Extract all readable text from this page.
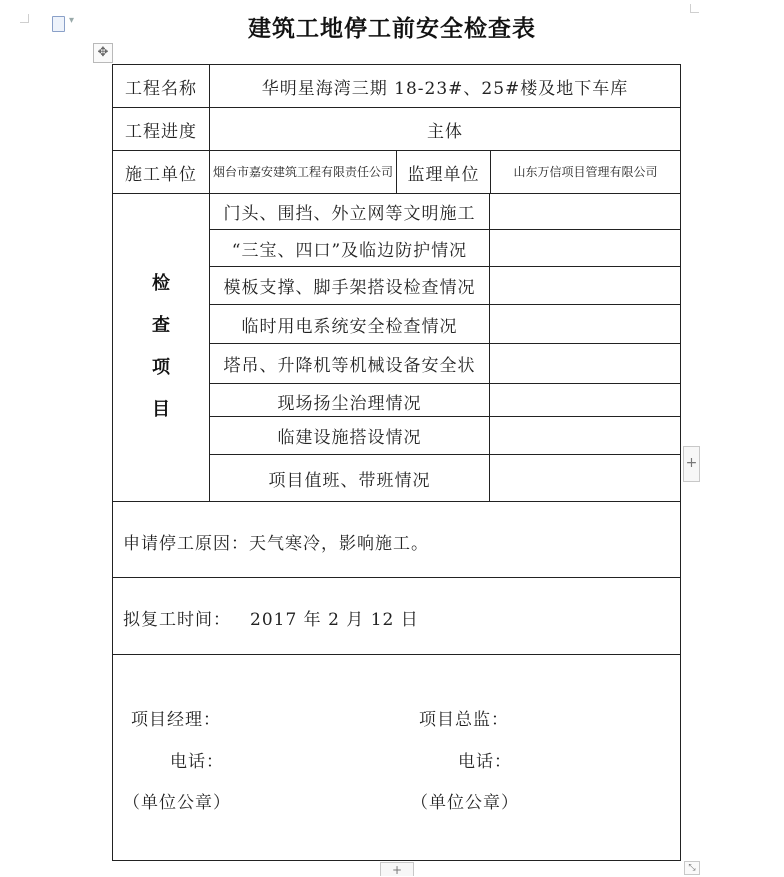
▾	建筑工地停工前安全检查表
✥
工程名称	华明星海湾三期 18-23#、25#楼及地下车库
工程进度	主体
施工单位	烟台市嘉安建筑工程有限责任公司 监理单位	山东万信项目管理有限公司
检查项目
门头、围挡、外立网等文明施工
“三宝、四口”及临边防护情况
模板支撑、脚手架搭设检查情况
临时用电系统安全检查情况
塔吊、升降机等机械设备安全状
现场扬尘治理情况
临建设施搭设情况
项目值班、带班情况
申请停工原因：天气寒冷，影响施工。
拟复工时间： 2017 年 2 月 12 日
项目经理：	项目总监：
电话：	电话：
（单位公章）	（单位公章）
+
+	⤡
